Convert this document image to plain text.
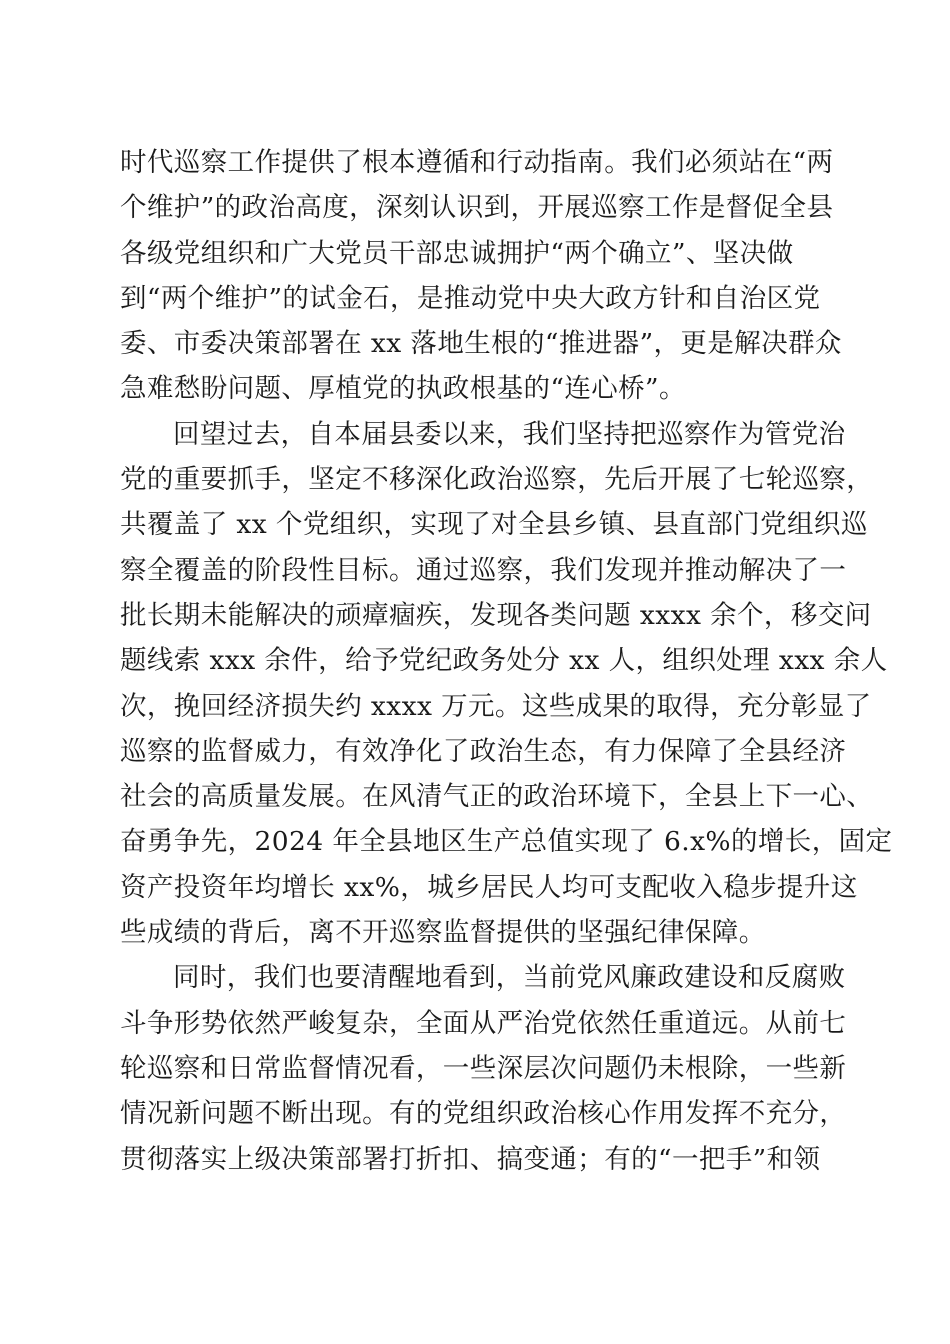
时代巡察工作提供了根本遵循和行动指南。我们必须站在“两
个维护”的政治高度，深刻认识到，开展巡察工作是督促全县
各级党组织和广大党员干部忠诚拥护“两个确立”、坚决做
到“两个维护”的试金石，是推动党中央大政方针和自治区党
委、市委决策部署在 xx 落地生根的“推进器”，更是解决群众
急难愁盼问题、厚植党的执政根基的“连心桥”。
回望过去，自本届县委以来，我们坚持把巡察作为管党治
党的重要抓手，坚定不移深化政治巡察，先后开展了七轮巡察，
共覆盖了 xx 个党组织，实现了对全县乡镇、县直部门党组织巡
察全覆盖的阶段性目标。通过巡察，我们发现并推动解决了一
批长期未能解决的顽瘴痼疾，发现各类问题 xxxx 余个，移交问
题线索 xxx 余件，给予党纪政务处分 xx 人，组织处理 xxx 余人
次，挽回经济损失约 xxxx 万元。这些成果的取得，充分彰显了
巡察的监督威力，有效净化了政治生态，有力保障了全县经济
社会的高质量发展。在风清气正的政治环境下，全县上下一心、
奋勇争先，2024 年全县地区生产总值实现了 6.x%的增长，固定
资产投资年均增长 xx%，城乡居民人均可支配收入稳步提升这
些成绩的背后，离不开巡察监督提供的坚强纪律保障。
同时，我们也要清醒地看到，当前党风廉政建设和反腐败
斗争形势依然严峻复杂，全面从严治党依然任重道远。从前七
轮巡察和日常监督情况看，一些深层次问题仍未根除，一些新
情况新问题不断出现。有的党组织政治核心作用发挥不充分，
贯彻落实上级决策部署打折扣、搞变通；有的“一把手”和领
